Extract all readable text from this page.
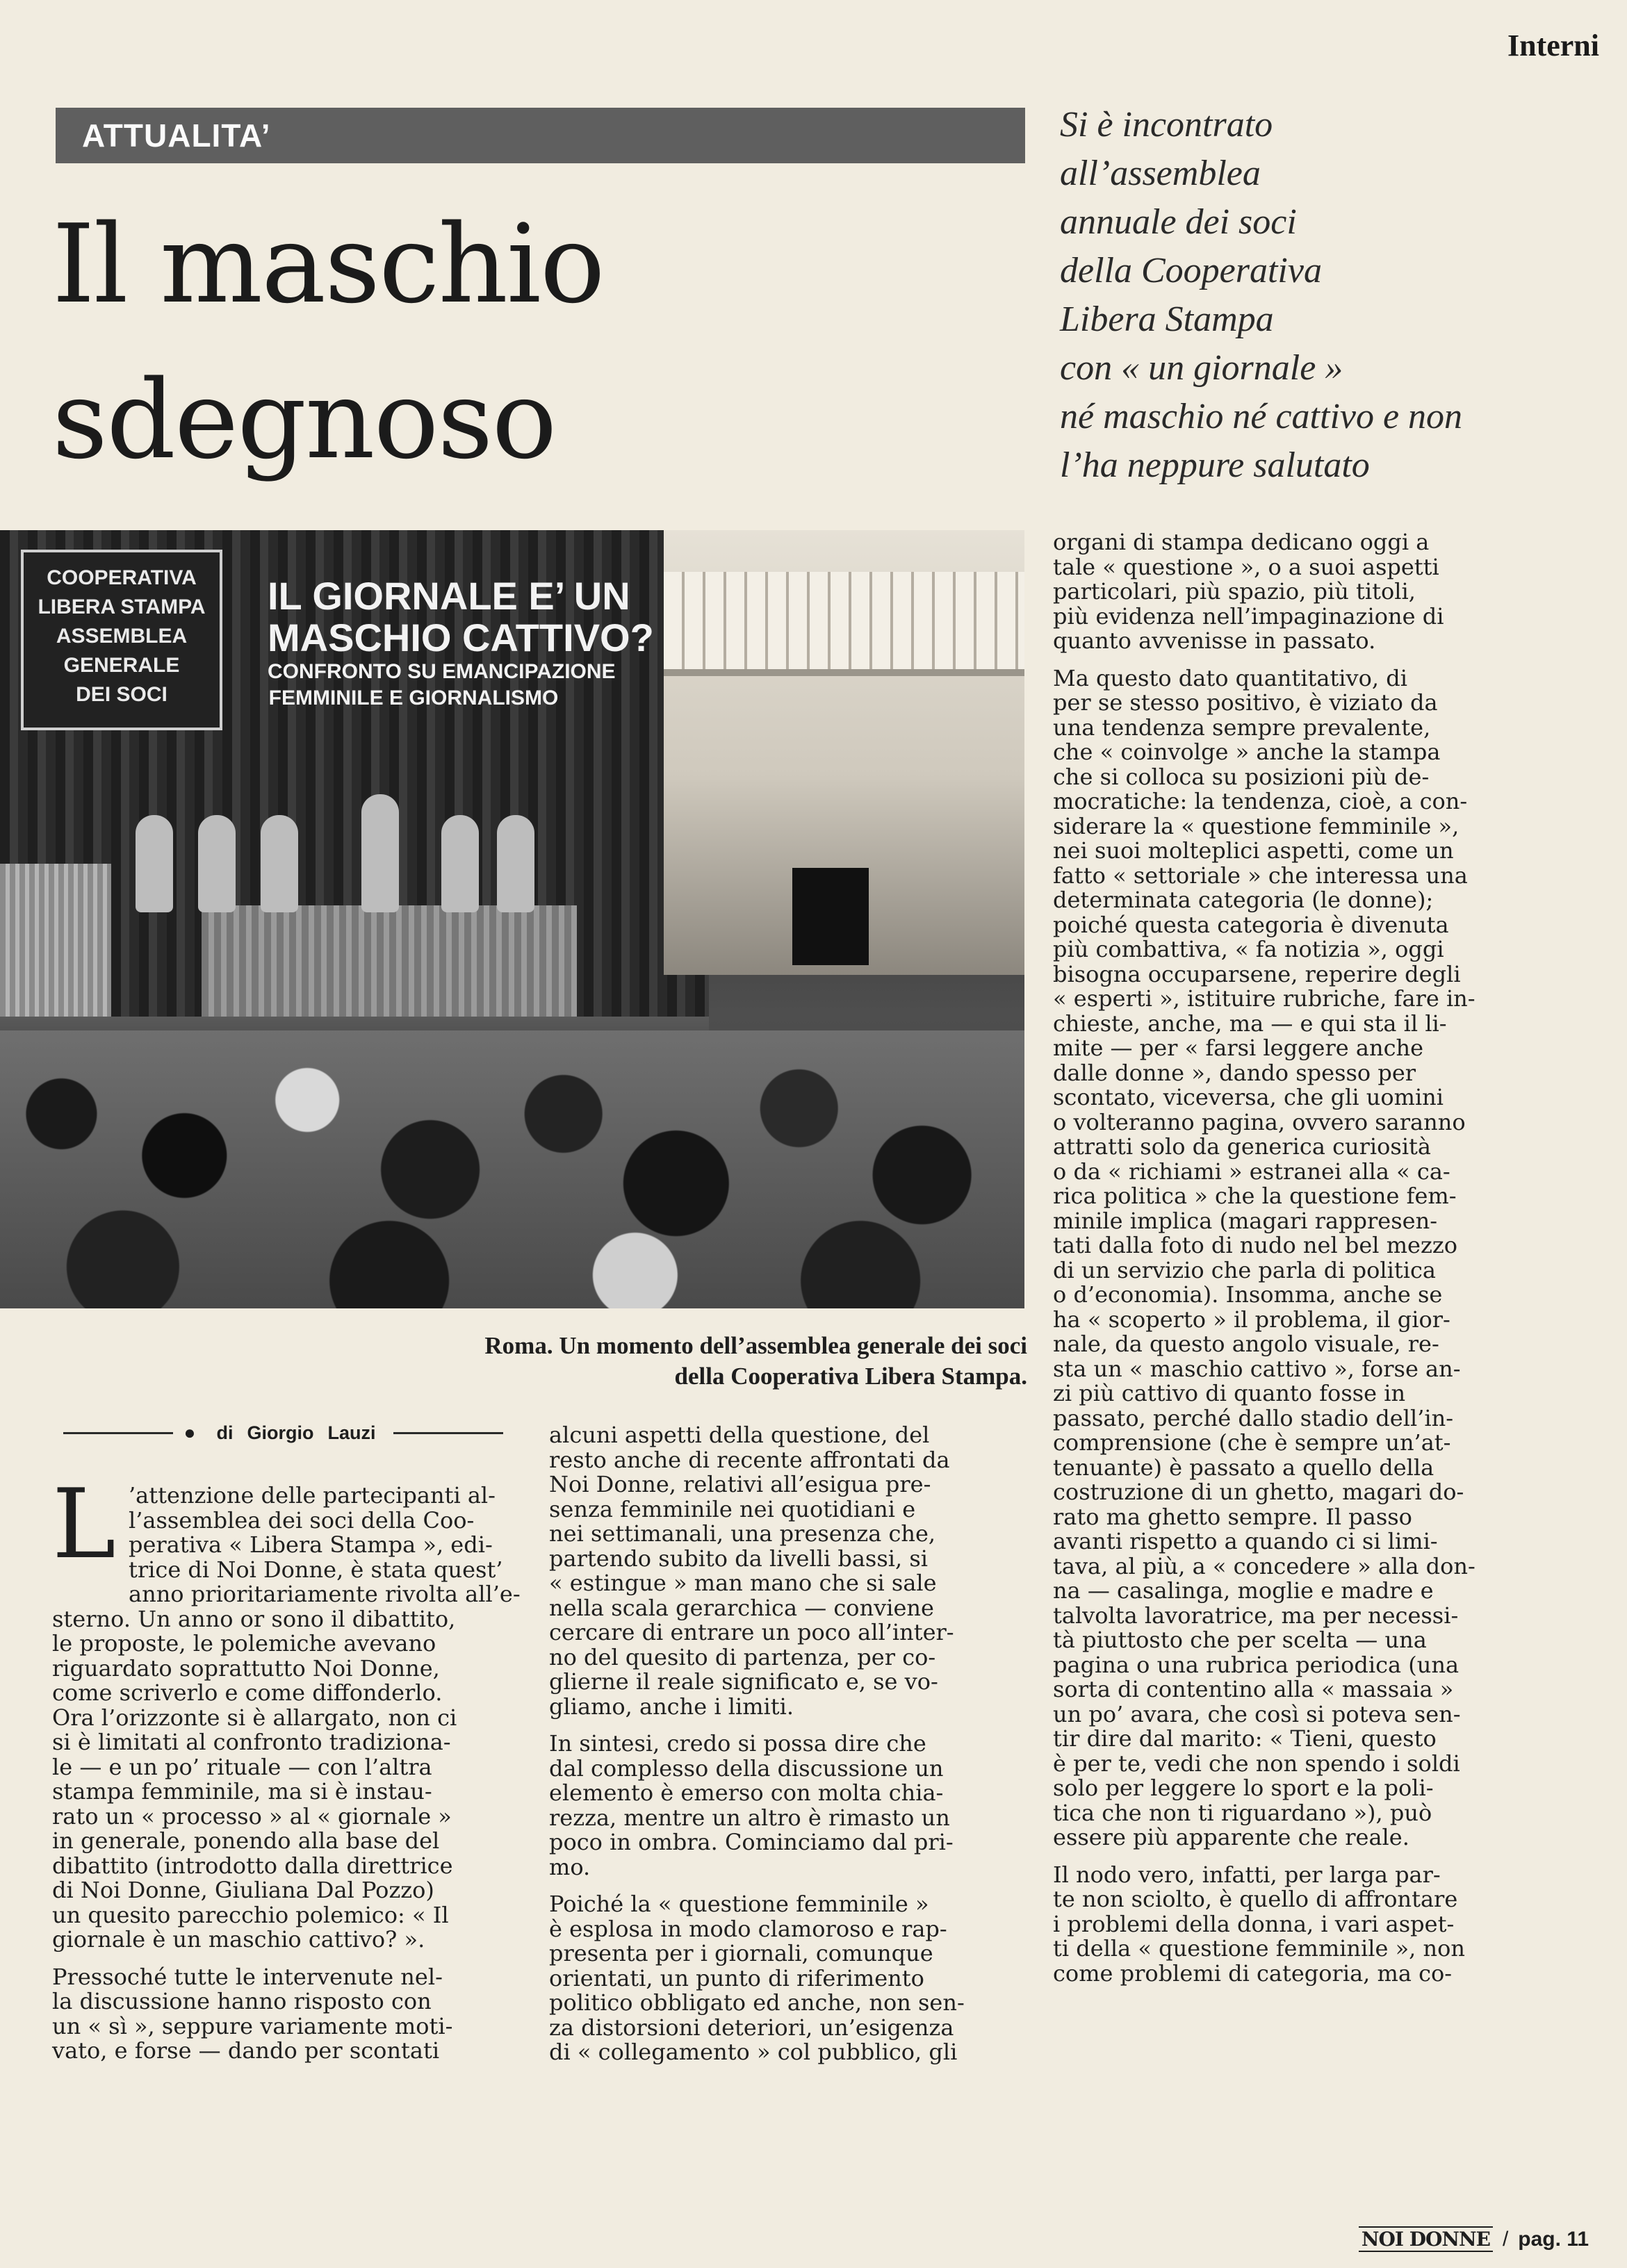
Interni
ATTUALITA’
Il maschio
sdegnoso
Si è incontrato
all’assemblea
annuale dei soci
della Cooperativa
Libera Stampa
con « un giornale »
né maschio né cattivo e non
l’ha neppure salutato
COOPERATIVA
LIBERA STAMPA
ASSEMBLEA
GENERALE
DEI SOCI
IL GIORNALE E’ UN
MASCHIO CATTIVO?
CONFRONTO SU EMANCIPAZIONE
FEMMINILE E GIORNALISMO
Roma. Un momento dell’assemblea generale dei soci
della Cooperativa Libera Stampa.
● di Giorgio Lauzi
L ’attenzione delle partecipanti al-
l’assemblea dei soci della Coo-
perativa « Libera Stampa », edi-
trice di Noi Donne, è stata quest’
anno prioritariamente rivolta all’e-
sterno. Un anno or sono il dibattito,
le proposte, le polemiche avevano
riguardato soprattutto Noi Donne,
come scriverlo e come diffonderlo.
Ora l’orizzonte si è allargato, non ci
si è limitati al confronto tradiziona-
le — e un po’ rituale — con l’altra
stampa femminile, ma si è instau-
rato un « processo » al « giornale »
in generale, ponendo alla base del
dibattito (introdotto dalla direttrice
di Noi Donne, Giuliana Dal Pozzo)
un quesito parecchio polemico: « Il
giornale è un maschio cattivo? ».
Pressoché tutte le intervenute nel-
la discussione hanno risposto con
un « sì », seppure variamente moti-
vato, e forse — dando per scontati
alcuni aspetti della questione, del
resto anche di recente affrontati da
Noi Donne, relativi all’esigua pre-
senza femminile nei quotidiani e
nei settimanali, una presenza che,
partendo subito da livelli bassi, si
« estingue » man mano che si sale
nella scala gerarchica — conviene
cercare di entrare un poco all’inter-
no del quesito di partenza, per co-
glierne il reale significato e, se vo-
gliamo, anche i limiti.
In sintesi, credo si possa dire che
dal complesso della discussione un
elemento è emerso con molta chia-
rezza, mentre un altro è rimasto un
poco in ombra. Cominciamo dal pri-
mo.
Poiché la « questione femminile »
è esplosa in modo clamoroso e rap-
presenta per i giornali, comunque
orientati, un punto di riferimento
politico obbligato ed anche, non sen-
za distorsioni deteriori, un’esigenza
di « collegamento » col pubblico, gli
organi di stampa dedicano oggi a
tale « questione », o a suoi aspetti
particolari, più spazio, più titoli,
più evidenza nell’impaginazione di
quanto avvenisse in passato.
Ma questo dato quantitativo, di
per se stesso positivo, è viziato da
una tendenza sempre prevalente,
che « coinvolge » anche la stampa
che si colloca su posizioni più de-
mocratiche: la tendenza, cioè, a con-
siderare la « questione femminile »,
nei suoi molteplici aspetti, come un
fatto « settoriale » che interessa una
determinata categoria (le donne);
poiché questa categoria è divenuta
più combattiva, « fa notizia », oggi
bisogna occuparsene, reperire degli
« esperti », istituire rubriche, fare in-
chieste, anche, ma — e qui sta il li-
mite — per « farsi leggere anche
dalle donne », dando spesso per
scontato, viceversa, che gli uomini
o volteranno pagina, ovvero saranno
attratti solo da generica curiosità
o da « richiami » estranei alla « ca-
rica politica » che la questione fem-
minile implica (magari rappresen-
tati dalla foto di nudo nel bel mezzo
di un servizio che parla di politica
o d’economia). Insomma, anche se
ha « scoperto » il problema, il gior-
nale, da questo angolo visuale, re-
sta un « maschio cattivo », forse an-
zi più cattivo di quanto fosse in
passato, perché dallo stadio dell’in-
comprensione (che è sempre un’at-
tenuante) è passato a quello della
costruzione di un ghetto, magari do-
rato ma ghetto sempre. Il passo
avanti rispetto a quando ci si limi-
tava, al più, a « concedere » alla don-
na — casalinga, moglie e madre e
talvolta lavoratrice, ma per necessi-
tà piuttosto che per scelta — una
pagina o una rubrica periodica (una
sorta di contentino alla « massaia »
un po’ avara, che così si poteva sen-
tir dire dal marito: « Tieni, questo
è per te, vedi che non spendo i soldi
solo per leggere lo sport e la poli-
tica che non ti riguardano »), può
essere più apparente che reale.
Il nodo vero, infatti, per larga par-
te non sciolto, è quello di affrontare
i problemi della donna, i vari aspet-
ti della « questione femminile », non
come problemi di categoria, ma co-
NOI DONNE / pag. 11
